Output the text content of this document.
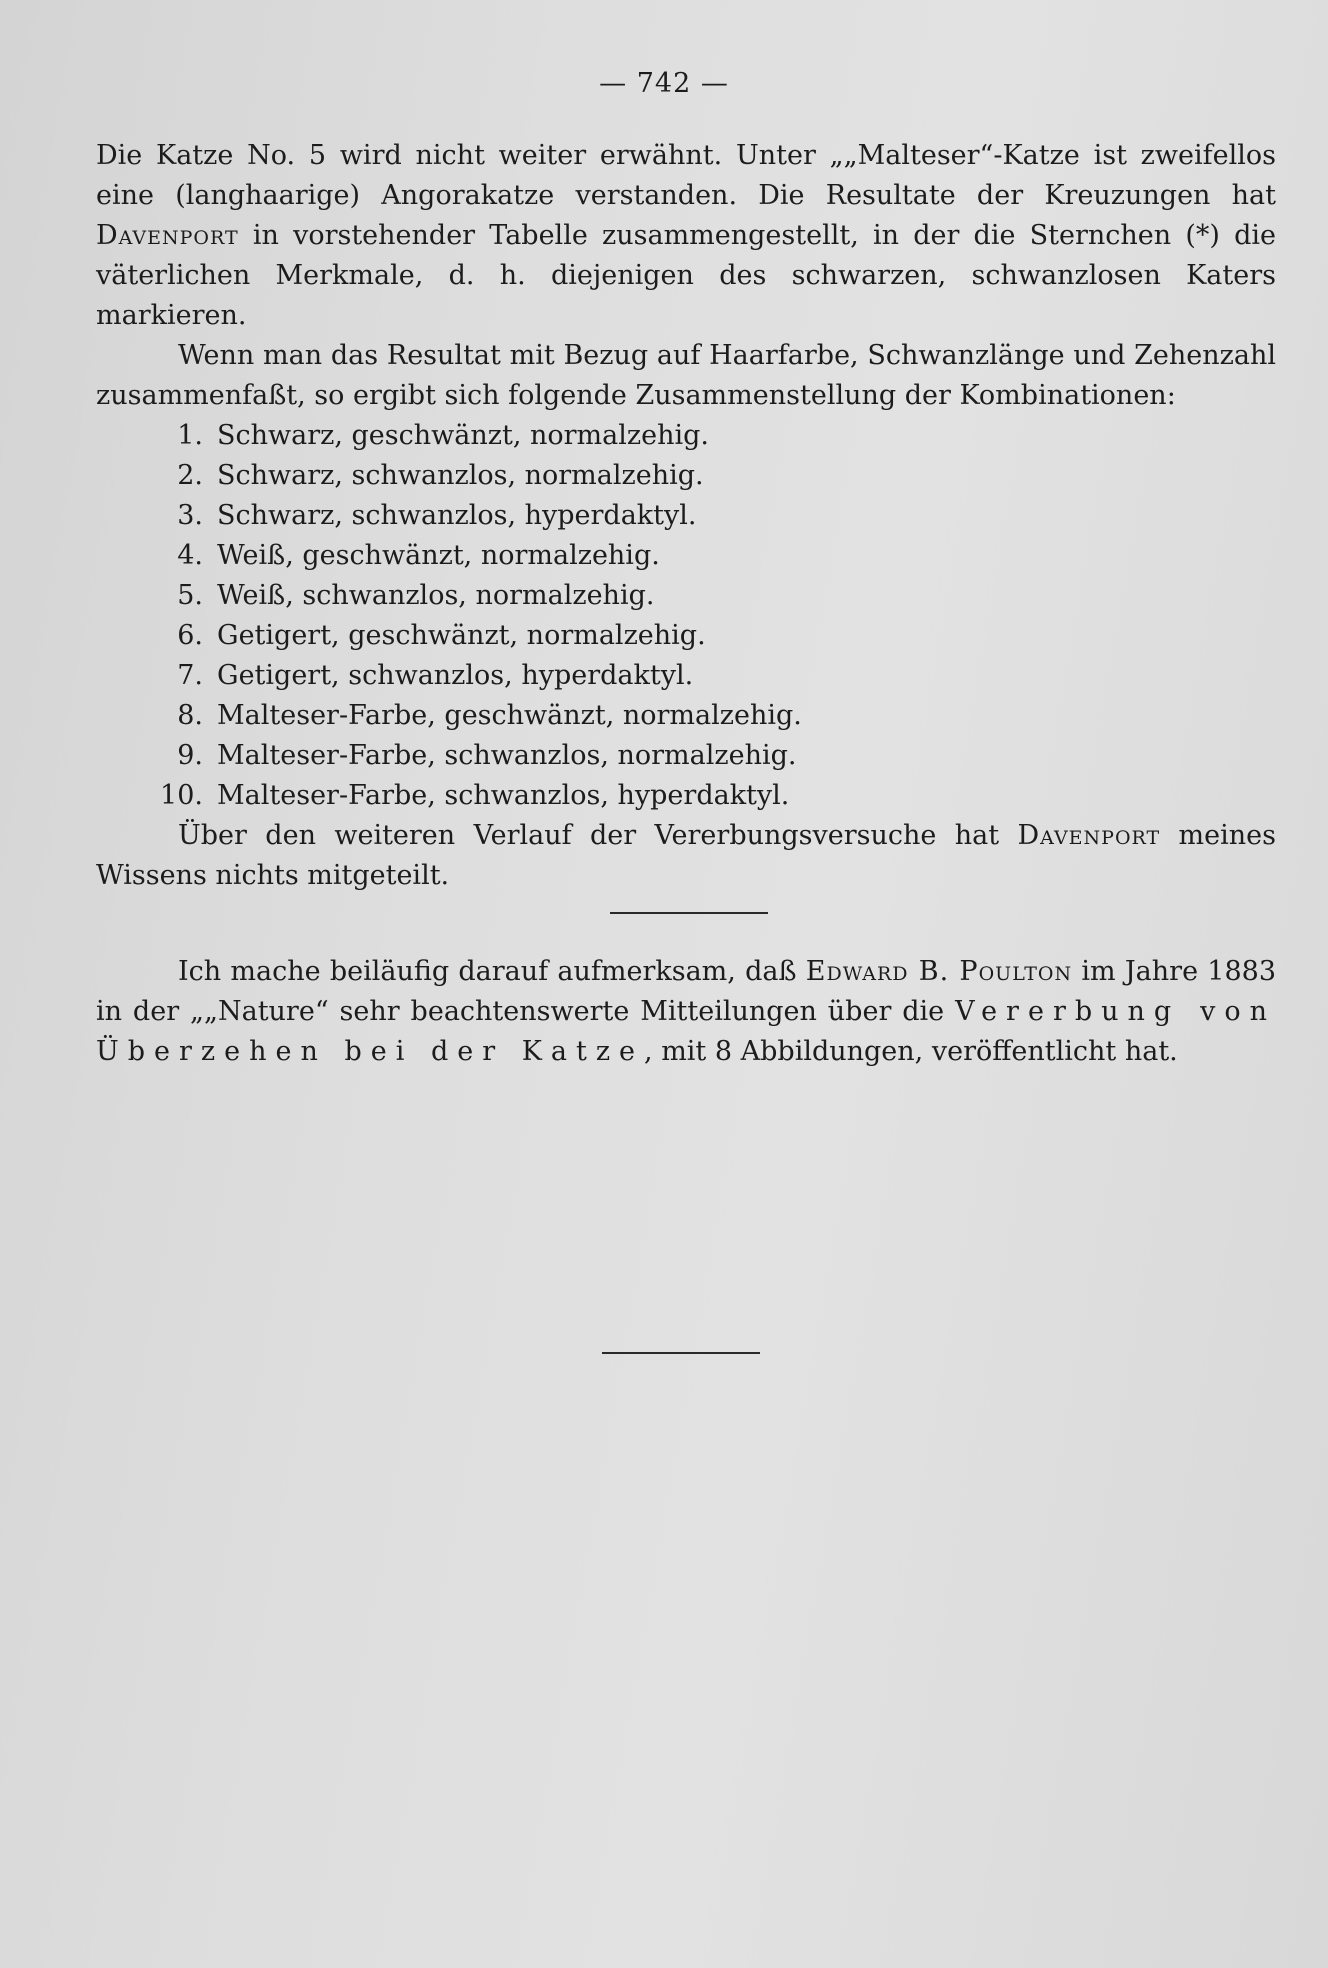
— 742 —

Die Katze No. 5 wird nicht weiter erwähnt. Unter „„Malteser“-Katze ist zweifellos eine (langhaarige) Angorakatze verstanden. Die Resultate der Kreuzungen hat Davenport in vorstehender Tabelle zusammengestellt, in der die Sternchen (*) die väterlichen Merkmale, d. h. diejenigen des schwarzen, schwanzlosen Katers markieren.

Wenn man das Resultat mit Bezug auf Haarfarbe, Schwanzlänge und Zehenzahl zusammenfaßt, so ergibt sich folgende Zusammenstellung der Kombinationen:

1. Schwarz, geschwänzt, normalzehig.
2. Schwarz, schwanzlos, normalzehig.
3. Schwarz, schwanzlos, hyperdaktyl.
4. Weiß, geschwänzt, normalzehig.
5. Weiß, schwanzlos, normalzehig.
6. Getigert, geschwänzt, normalzehig.
7. Getigert, schwanzlos, hyperdaktyl.
8. Malteser-Farbe, geschwänzt, normalzehig.
9. Malteser-Farbe, schwanzlos, normalzehig.
10. Malteser-Farbe, schwanzlos, hyperdaktyl.

Über den weiteren Verlauf der Vererbungsversuche hat Davenport meines Wissens nichts mitgeteilt.

Ich mache beiläufig darauf aufmerksam, daß Edward B. Poulton im Jahre 1883 in der „„Nature“ sehr beachtenswerte Mitteilungen über die Vererbung von Überzehen bei der Katze, mit 8 Abbildungen, veröffentlicht hat.
